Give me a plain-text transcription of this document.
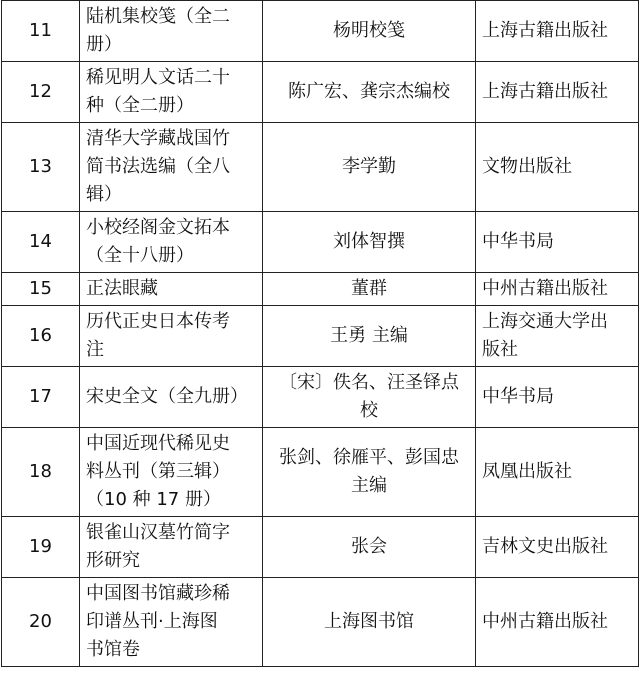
11	陆机集校笺（全二
册）	杨明校笺	上海古籍出版社
12	稀见明人文话二十
种（全二册）	陈广宏、龚宗杰编校	上海古籍出版社
13	清华大学藏战国竹
简书法选编（全八
辑）	李学勤	文物出版社
14	小校经阁金文拓本
（全十八册）	刘体智撰	中华书局
15	正法眼藏	董群	中州古籍出版社
16	历代正史日本传考
注	王勇 主编	上海交通大学出
版社
17	宋史全文（全九册）	〔宋〕佚名、汪圣铎点
校	中华书局
18	中国近现代稀见史
料丛刊（第三辑）
（10 种 17 册）	张剑、徐雁平、彭国忠
主编	凤凰出版社
19	银雀山汉墓竹简字
形研究	张会	吉林文史出版社
20	中国图书馆藏珍稀
印谱丛刊·上海图
书馆卷	上海图书馆	中州古籍出版社
